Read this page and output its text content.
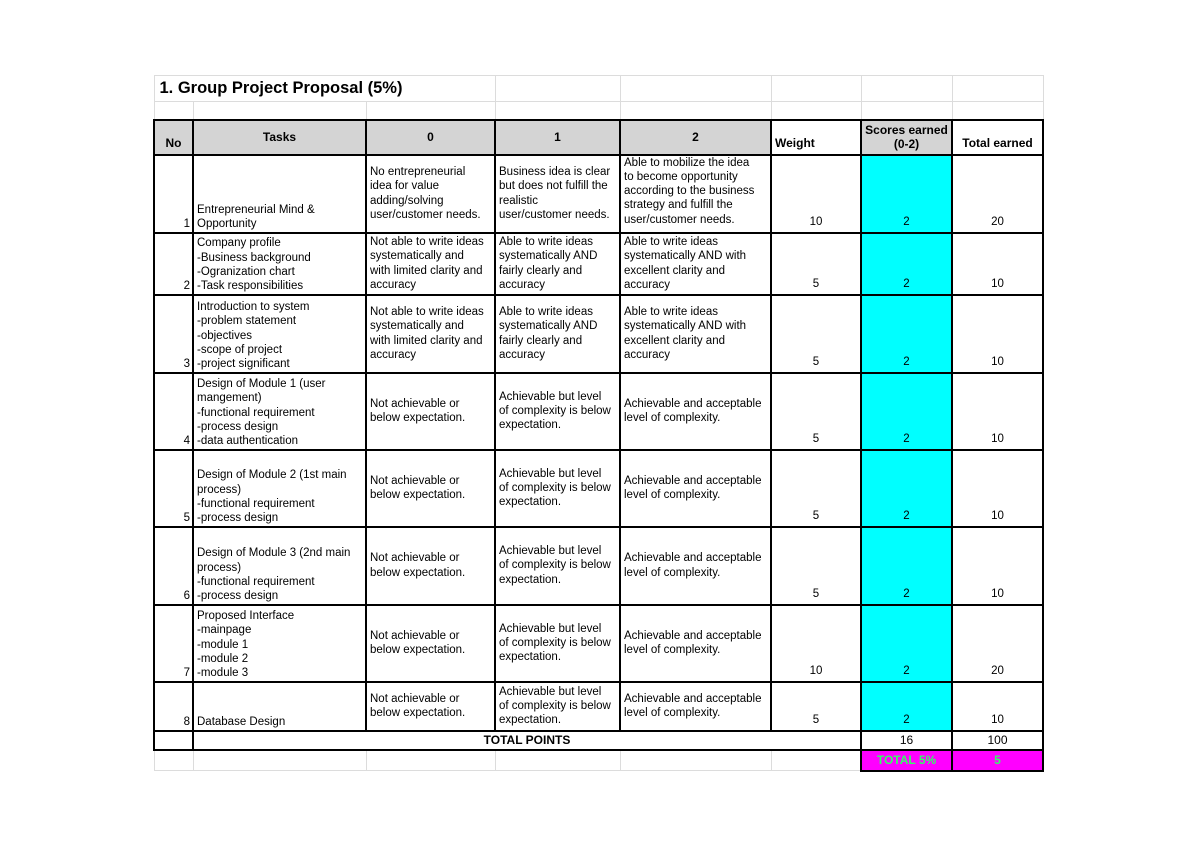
1. Group Project Proposal (5%)							

No	Tasks	0	1	2	Weight	Scores earned
(0-2)	Total earned
1	Entrepreneurial Mind &
Opportunity	No entrepreneurial
idea for value
adding/solving
user/customer needs.	Business idea is clear
but does not fulfill the
realistic
user/customer needs.	Able to mobilize the idea
to become opportunity
according to the business
strategy and fulfill the
user/customer needs.	10	2	20
2	Company profile
-Business background
-Ogranization chart
-Task responsibilities	Not able to write ideas
systematically and
with limited clarity and
accuracy	Able to write ideas
systematically AND
fairly clearly and
accuracy	Able to write ideas
systematically AND with
excellent clarity and
accuracy	5	2	10
3	Introduction to system
-problem statement
-objectives
-scope of project
-project significant	Not able to write ideas
systematically and
with limited clarity and
accuracy	Able to write ideas
systematically AND
fairly clearly and
accuracy	Able to write ideas
systematically AND with
excellent clarity and
accuracy	5	2	10
4	Design of Module 1 (user
mangement)
-functional requirement
-process design
-data authentication	Not achievable or
below expectation.	Achievable but level
of complexity is below
expectation.	Achievable and acceptable
level of complexity.	5	2	10
5	Design of Module 2 (1st main
process)
-functional requirement
-process design	Not achievable or
below expectation.	Achievable but level
of complexity is below
expectation.	Achievable and acceptable
level of complexity.	5	2	10
6	Design of Module 3 (2nd main
process)
-functional requirement
-process design	Not achievable or
below expectation.	Achievable but level
of complexity is below
expectation.	Achievable and acceptable
level of complexity.	5	2	10
7	Proposed Interface
-mainpage
-module 1
-module 2
-module 3	Not achievable or
below expectation.	Achievable but level
of complexity is below
expectation.	Achievable and acceptable
level of complexity.	10	2	20
8	Database Design	Not achievable or
below expectation.	Achievable but level
of complexity is below
expectation.	Achievable and acceptable
level of complexity.	5	2	10
	TOTAL POINTS					16	100
						TOTAL 5%	5
